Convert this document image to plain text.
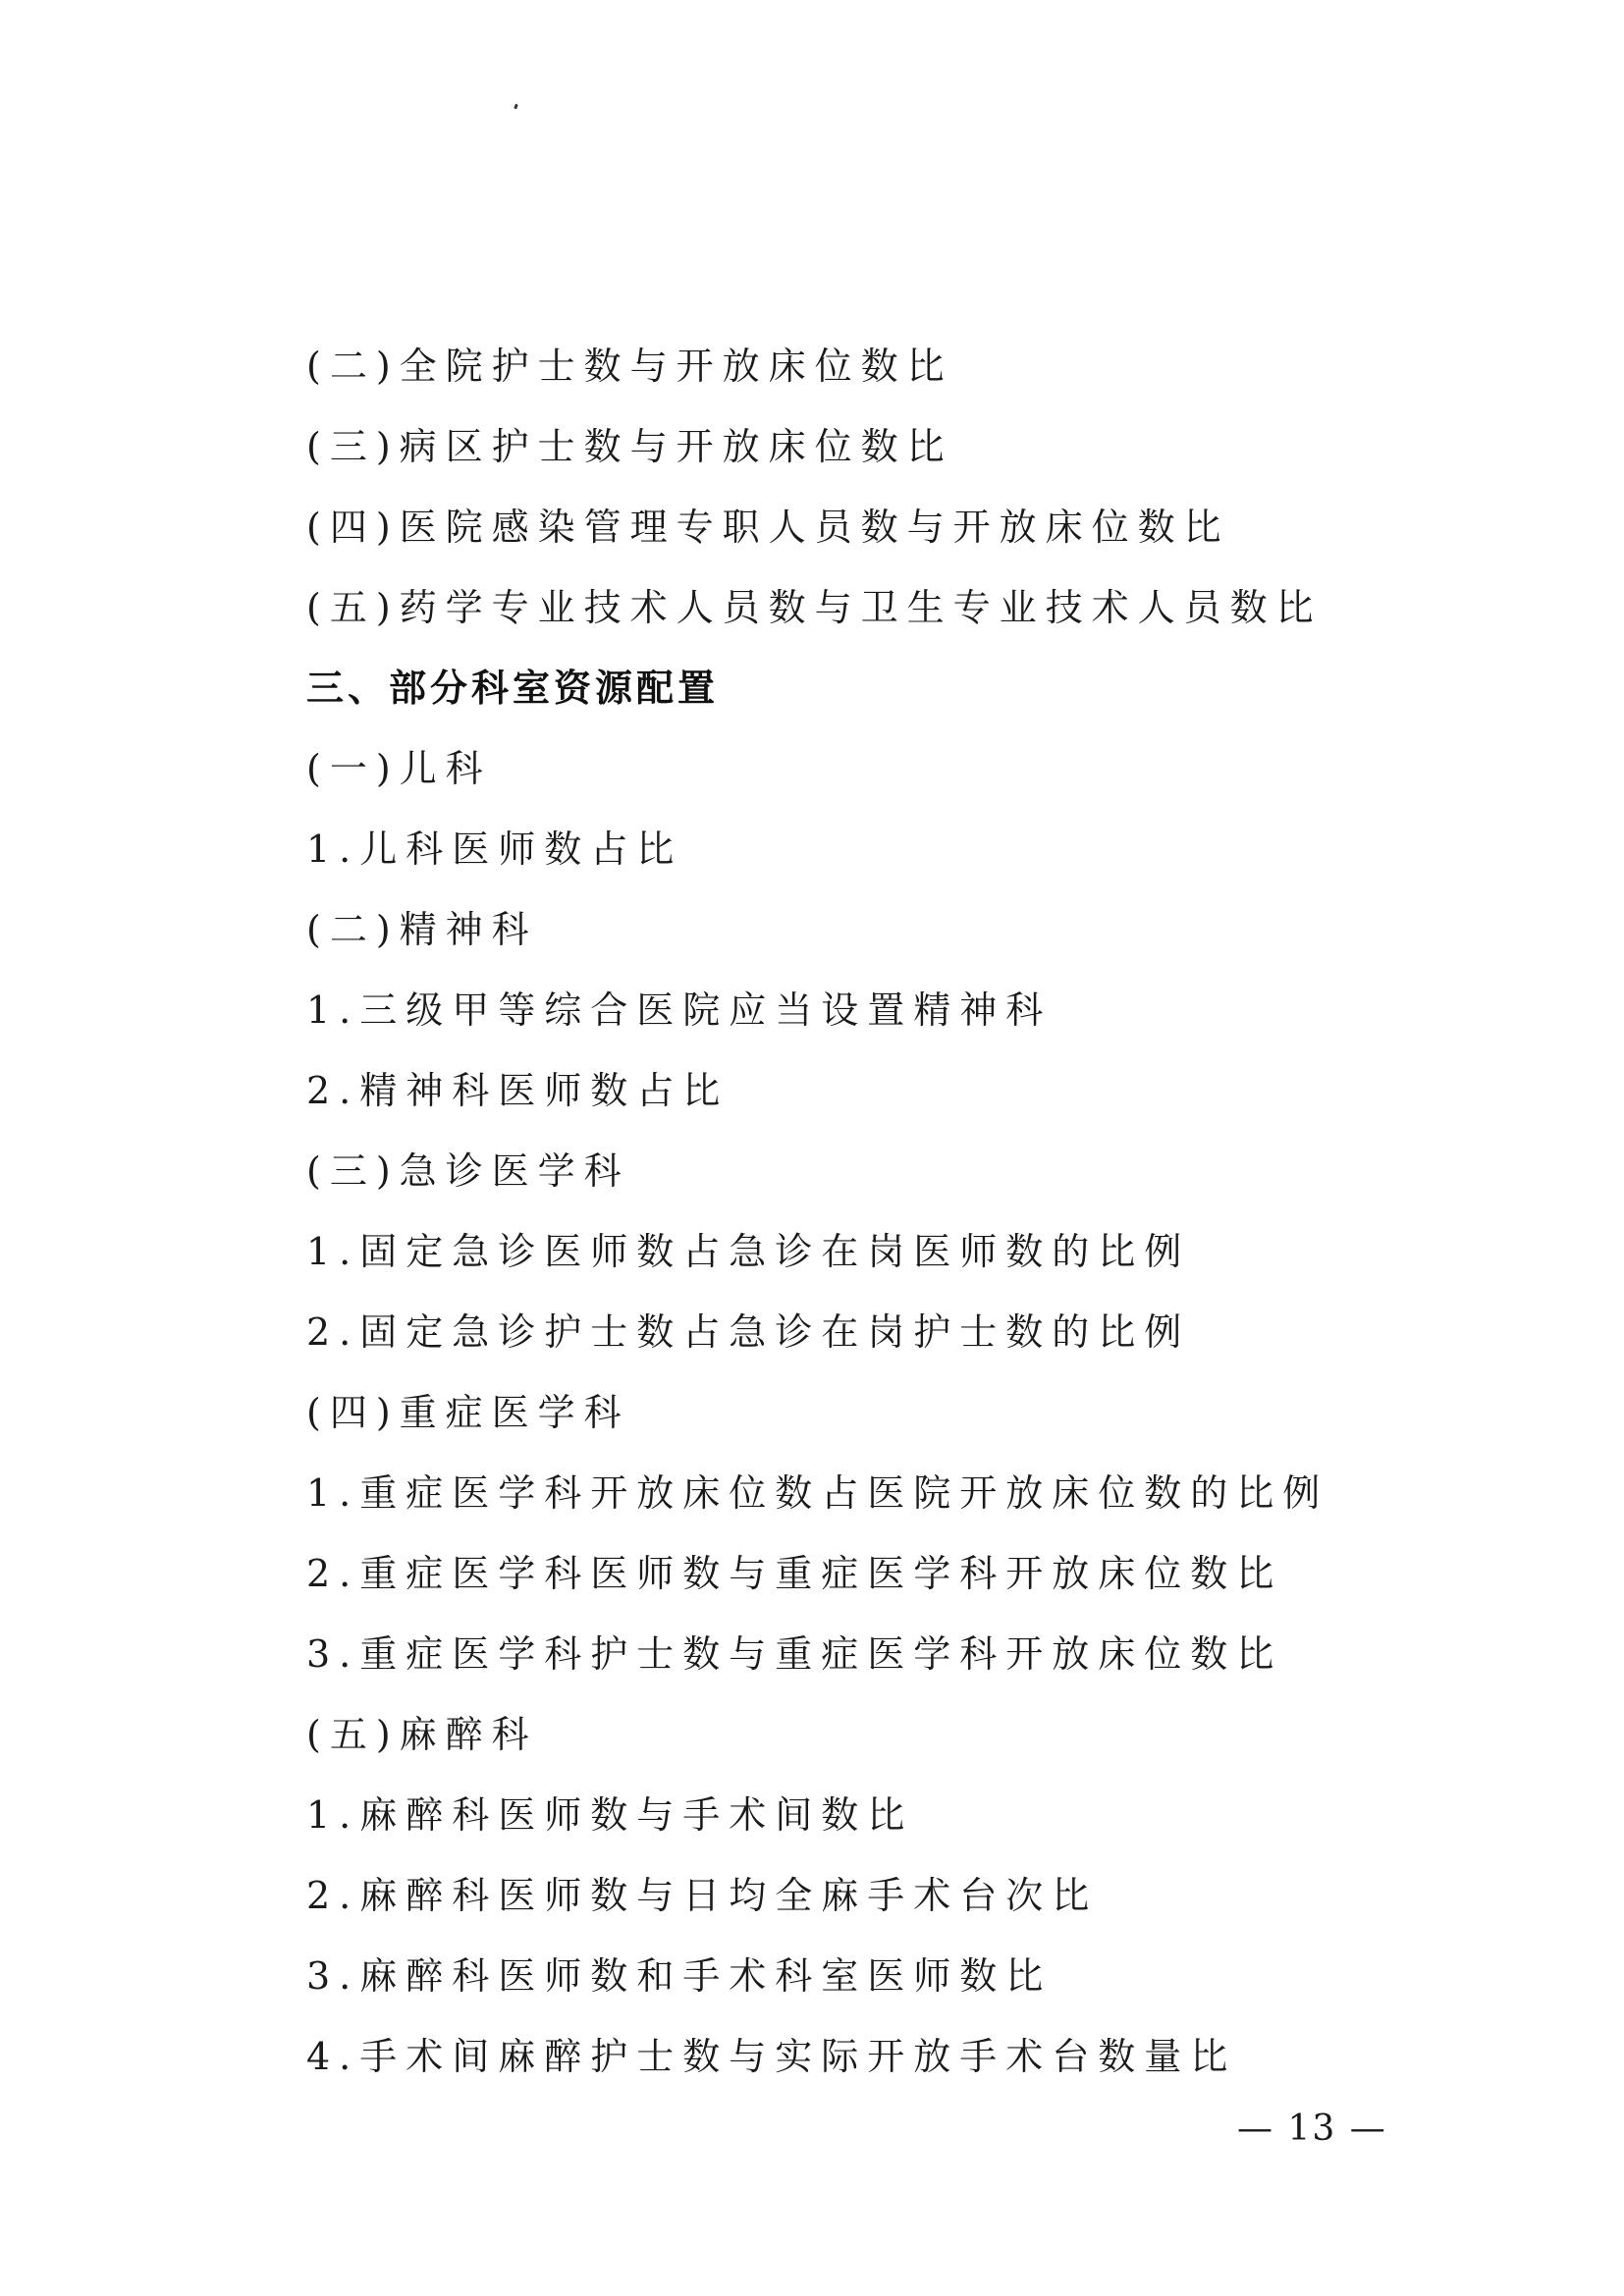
(二)全院护士数与开放床位数比
(三)病区护士数与开放床位数比
(四)医院感染管理专职人员数与开放床位数比
(五)药学专业技术人员数与卫生专业技术人员数比
三、部分科室资源配置
(一)儿科
1.儿科医师数占比
(二)精神科
1.三级甲等综合医院应当设置精神科
2.精神科医师数占比
(三)急诊医学科
1.固定急诊医师数占急诊在岗医师数的比例
2.固定急诊护士数占急诊在岗护士数的比例
(四)重症医学科
1.重症医学科开放床位数占医院开放床位数的比例
2.重症医学科医师数与重症医学科开放床位数比
3.重症医学科护士数与重症医学科开放床位数比
(五)麻醉科
1.麻醉科医师数与手术间数比
2.麻醉科医师数与日均全麻手术台次比
3.麻醉科医师数和手术科室医师数比
4.手术间麻醉护士数与实际开放手术台数量比
— 13 —
